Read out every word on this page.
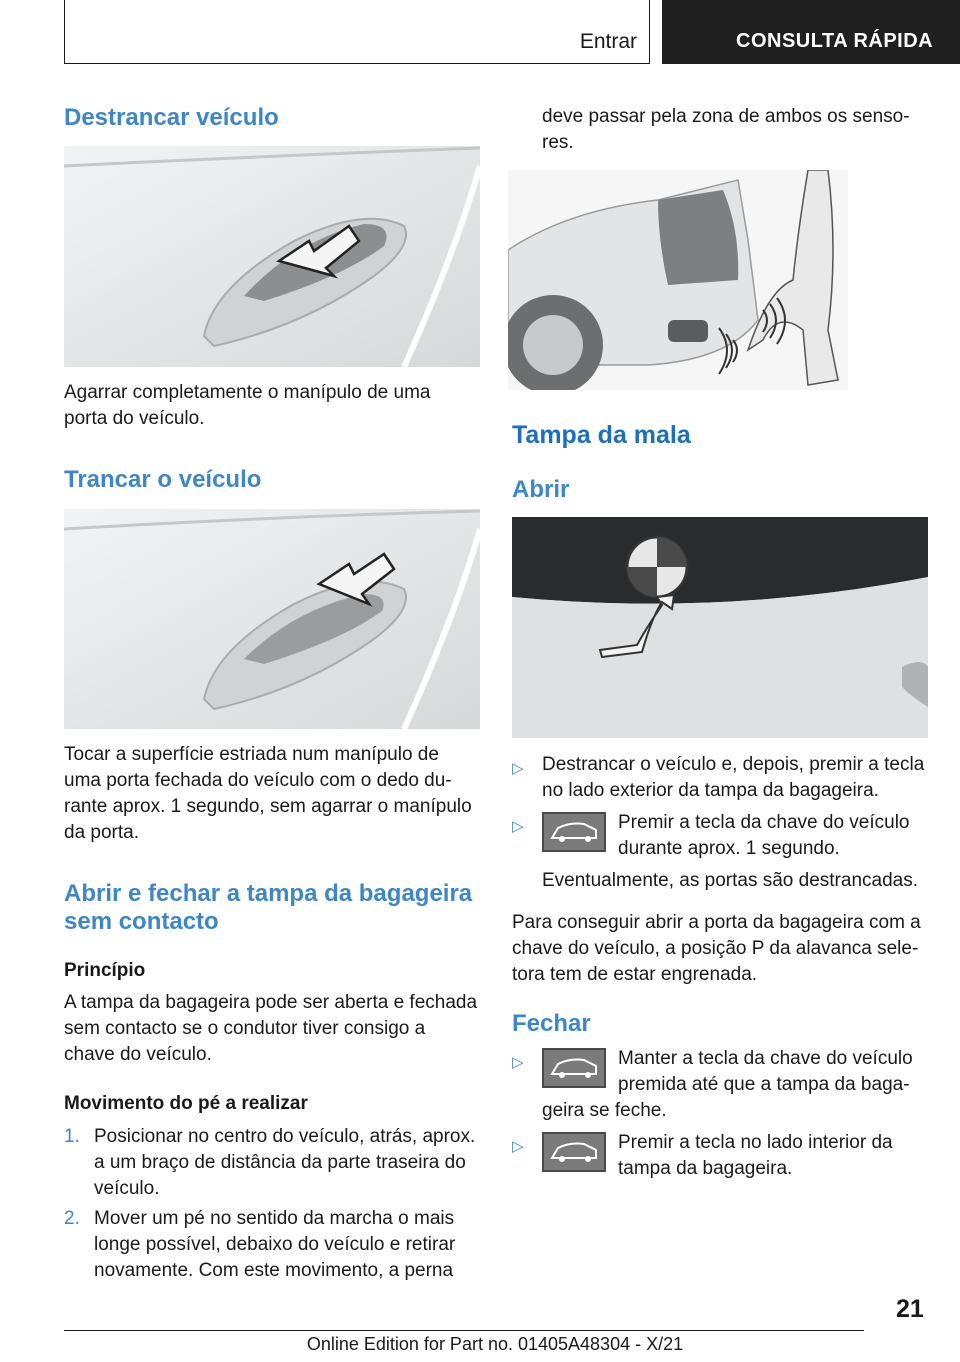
Entrar	CONSULTA RÁPIDA
Destrancar veículo

Agarrar completamente o manípulo de uma

porta do veículo.

Trancar o veículo

Tocar a superfície estriada num manípulo de

uma porta fechada do veículo com o dedo du-

rante aprox. 1 segundo, sem agarrar o manípulo

da porta.

Abrir e fechar a tampa da bagageira
sem contacto
Princípio

A tampa da bagageira pode ser aberta e fechada

sem contacto se o condutor tiver consigo a

chave do veículo.

Movimento do pé a realizar
1. Posicionar no centro do veículo, atrás, aprox.
a um braço de distância da parte traseira do
veículo.
2. Mover um pé no sentido da marcha o mais
longe possível, debaixo do veículo e retirar
novamente. Com este movimento, a perna

deve passar pela zona de ambos os senso-

res.

Tampa da mala
Abrir
▷ Destrancar o veículo e, depois, premir a tecla
no lado exterior da tampa da bagageira.
▷	Premir a tecla da chave do veículo
durante aprox. 1 segundo.
Eventualmente, as portas são destrancadas.

Para conseguir abrir a porta da bagageira com a

chave do veículo, a posição P da alavanca sele-

tora tem de estar engrenada.

Fechar
▷	Manter a tecla da chave do veículo
premida até que a tampa da baga-
geira se feche.
▷	Premir a tecla no lado interior da
tampa da bagageira.
21
Online Edition for Part no. 01405A48304 - X/21
